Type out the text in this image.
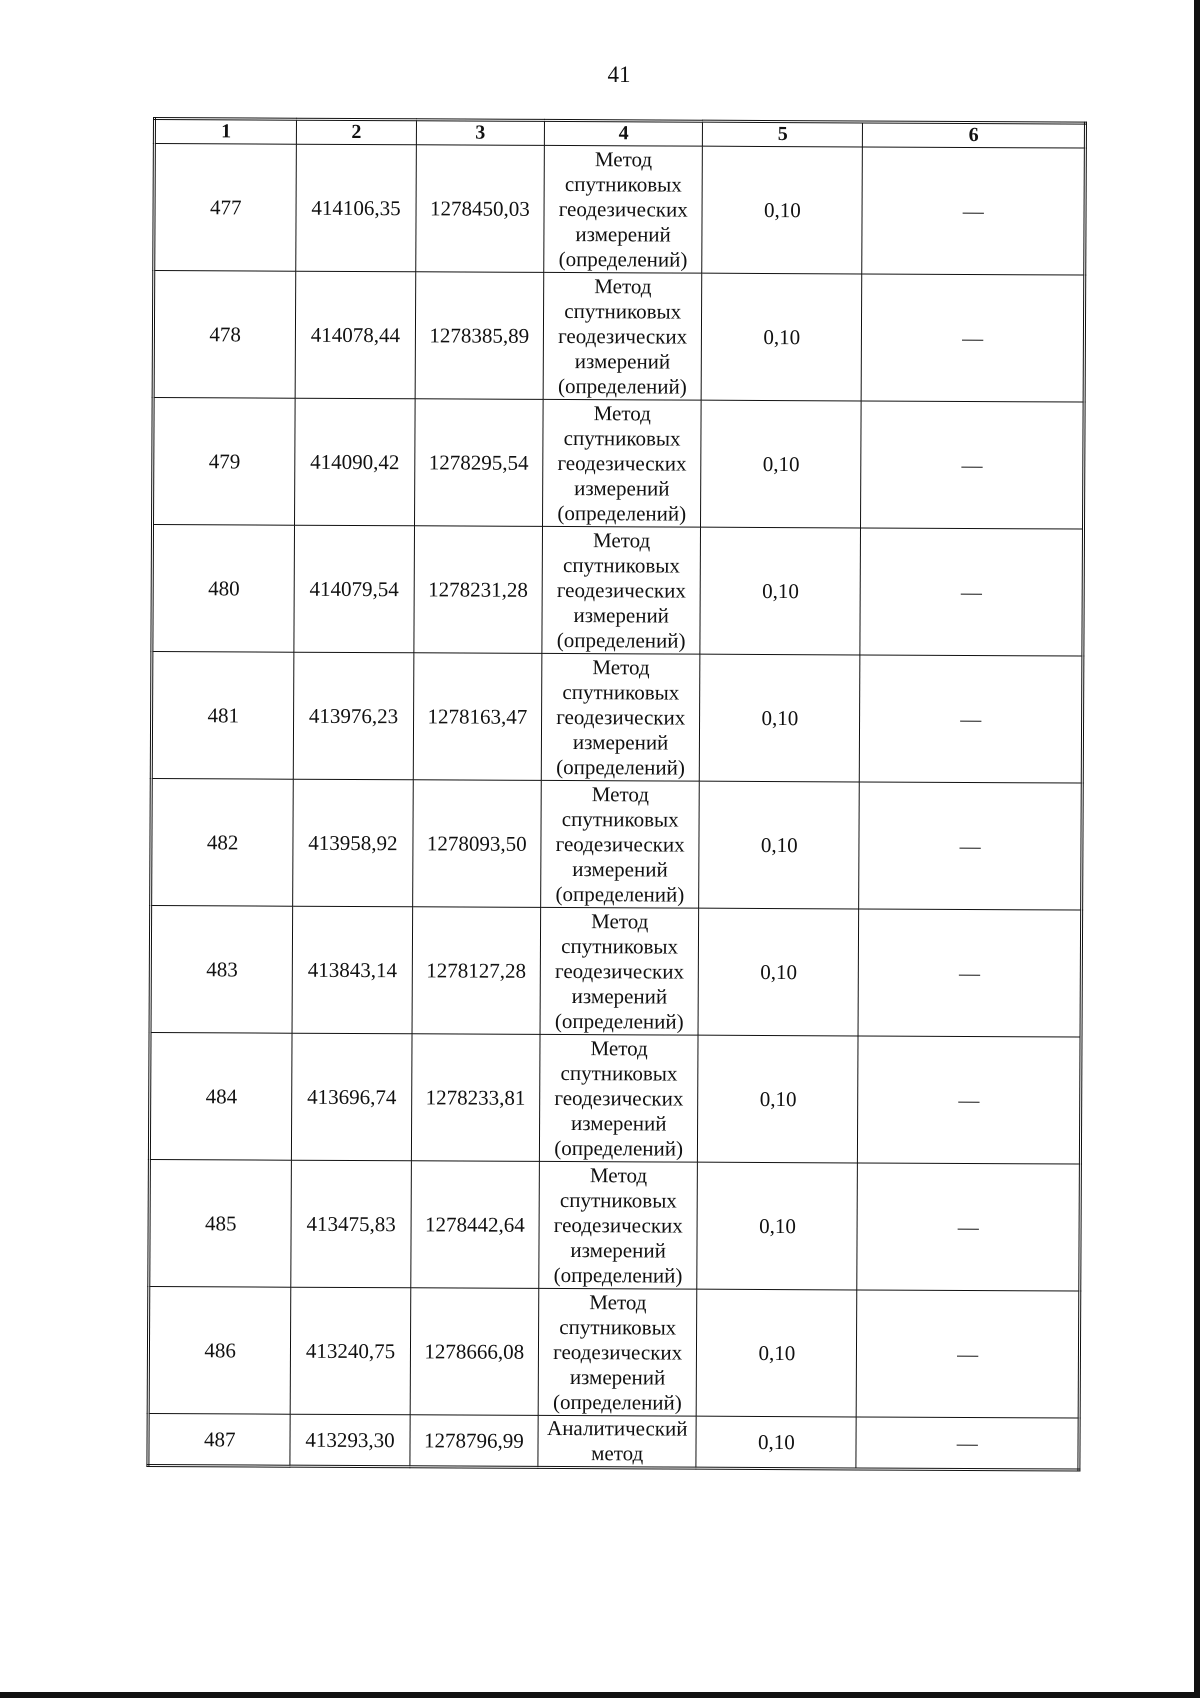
41
1	2	3	4	5	6
477	414106,35	1278450,03	Метод спутниковых геодезических измерений (определений)	0,10	—
478	414078,44	1278385,89	Метод спутниковых геодезических измерений (определений)	0,10	—
479	414090,42	1278295,54	Метод спутниковых геодезических измерений (определений)	0,10	—
480	414079,54	1278231,28	Метод спутниковых геодезических измерений (определений)	0,10	—
481	413976,23	1278163,47	Метод спутниковых геодезических измерений (определений)	0,10	—
482	413958,92	1278093,50	Метод спутниковых геодезических измерений (определений)	0,10	—
483	413843,14	1278127,28	Метод спутниковых геодезических измерений (определений)	0,10	—
484	413696,74	1278233,81	Метод спутниковых геодезических измерений (определений)	0,10	—
485	413475,83	1278442,64	Метод спутниковых геодезических измерений (определений)	0,10	—
486	413240,75	1278666,08	Метод спутниковых геодезических измерений (определений)	0,10	—
487	413293,30	1278796,99	Аналитический метод	0,10	—
